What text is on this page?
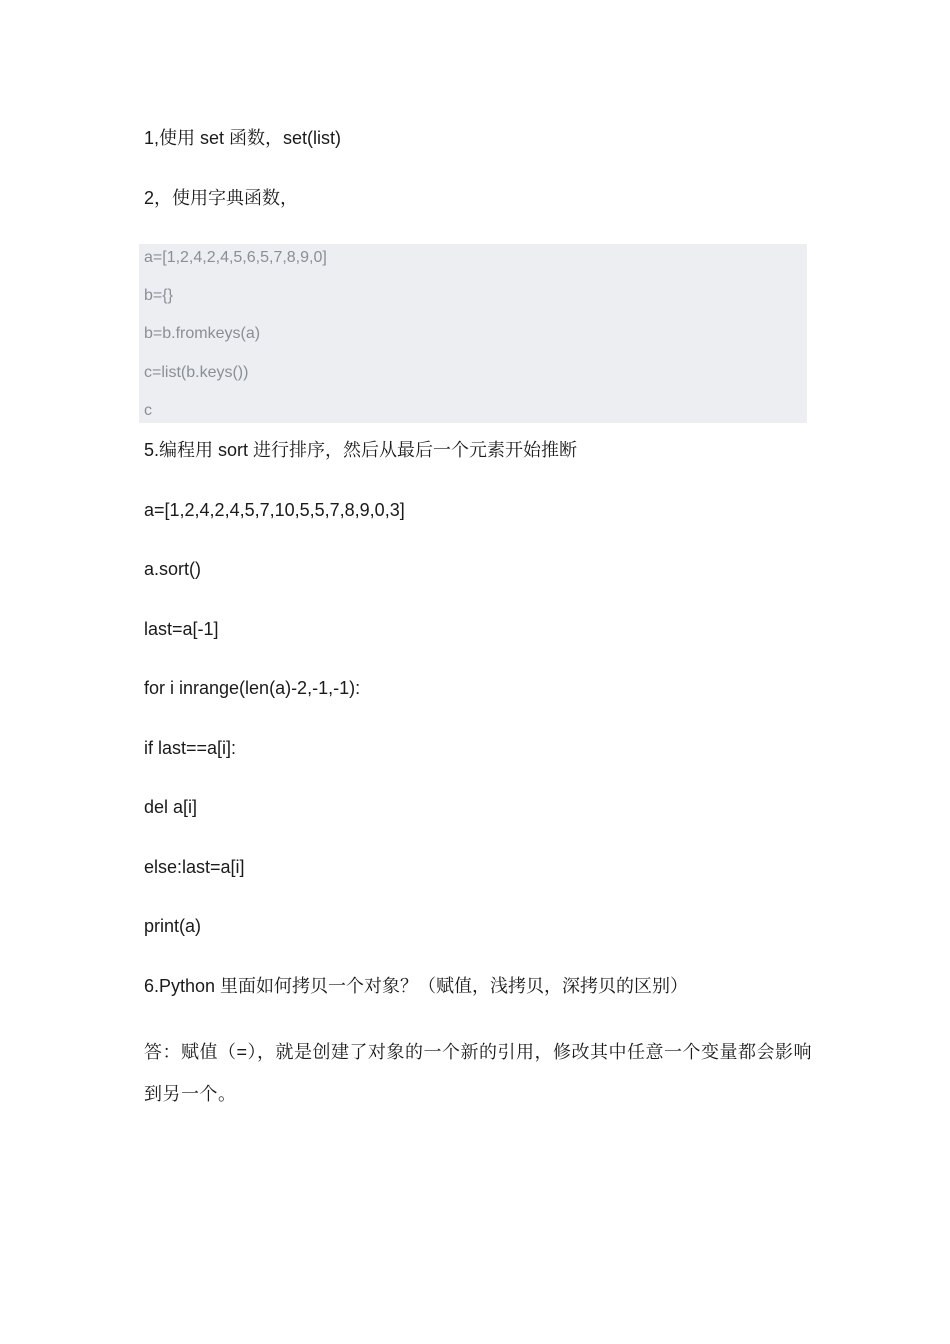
1,使用 set 函数，set(list)
2，使用字典函数，
a=[1,2,4,2,4,5,6,5,7,8,9,0]
b={}
b=b.fromkeys(a)
c=list(b.keys())
c
5.编程用 sort 进行排序，然后从最后一个元素开始推断
a=[1,2,4,2,4,5,7,10,5,5,7,8,9,0,3]
a.sort()
last=a[-1]
for i inrange(len(a)-2,-1,-1):
if last==a[i]:
del a[i]
else:last=a[i]
print(a)
6.Python 里面如何拷贝一个对象？（赋值，浅拷贝，深拷贝的区别）
答：赋值（=），就是创建了对象的一个新的引用，修改其中任意一个变量都会影响到另一个。
